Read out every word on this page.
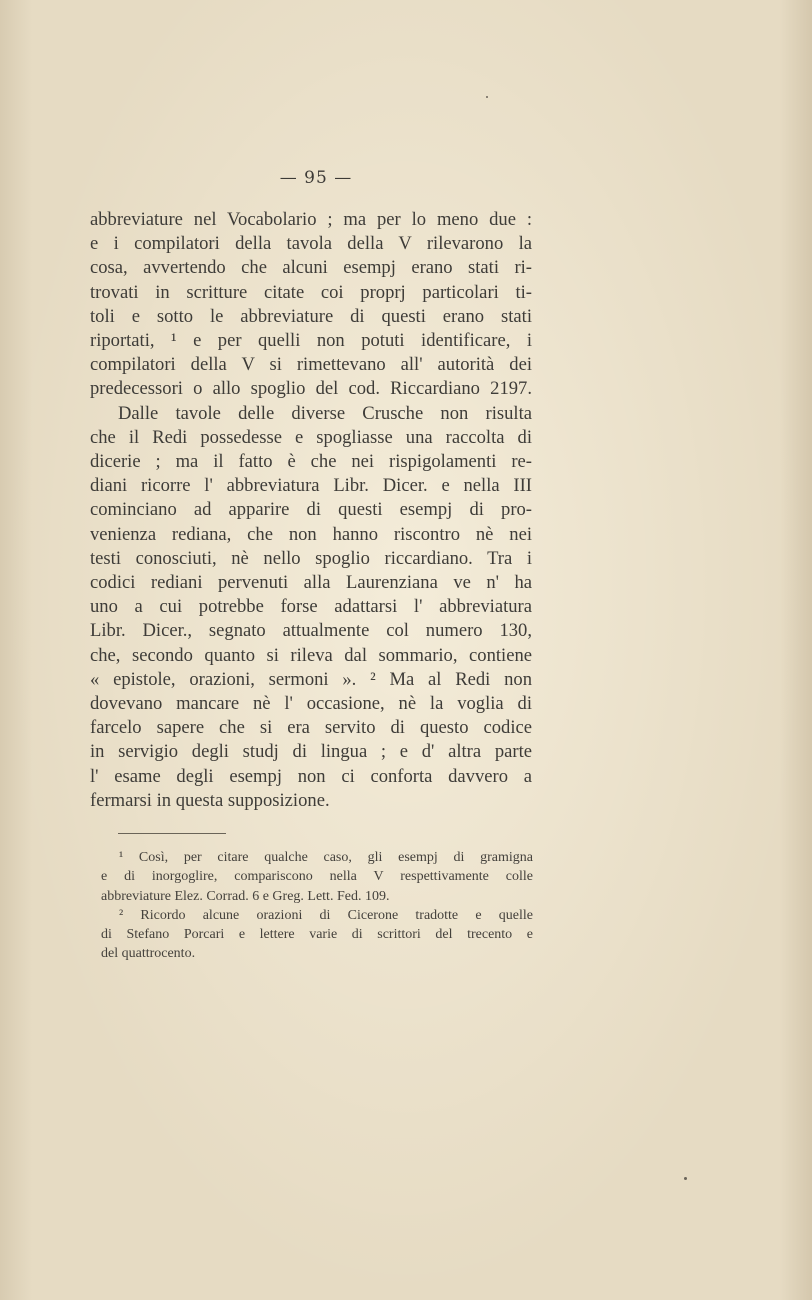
— 95 —
abbreviature nel Vocabolario ; ma per lo meno due :
e i compilatori della tavola della V rilevarono la
cosa, avvertendo che alcuni esempj erano stati ri-
trovati in scritture citate coi proprj particolari ti-
toli e sotto le abbreviature di questi erano stati
riportati, ¹ e per quelli non potuti identificare, i
compilatori della V si rimettevano all' autorità dei
predecessori o allo spoglio del cod. Riccardiano 2197.
Dalle tavole delle diverse Crusche non risulta
che il Redi possedesse e spogliasse una raccolta di
dicerie ; ma il fatto è che nei rispigolamenti re-
diani ricorre l' abbreviatura Libr. Dicer. e nella III
cominciano ad apparire di questi esempj di pro-
venienza rediana, che non hanno riscontro nè nei
testi conosciuti, nè nello spoglio riccardiano. Tra i
codici rediani pervenuti alla Laurenziana ve n' ha
uno a cui potrebbe forse adattarsi l' abbreviatura
Libr. Dicer., segnato attualmente col numero 130,
che, secondo quanto si rileva dal sommario, contiene
« epistole, orazioni, sermoni ». ² Ma al Redi non
dovevano mancare nè l' occasione, nè la voglia di
farcelo sapere che si era servito di questo codice
in servigio degli studj di lingua ; e d' altra parte
l' esame degli esempj non ci conforta davvero a
fermarsi in questa supposizione.
¹ Così, per citare qualche caso, gli esempj di gramigna
e di inorgoglire, compariscono nella V respettivamente colle
abbreviature Elez. Corrad. 6 e Greg. Lett. Fed. 109.
² Ricordo alcune orazioni di Cicerone tradotte e quelle
di Stefano Porcari e lettere varie di scrittori del trecento e
del quattrocento.
